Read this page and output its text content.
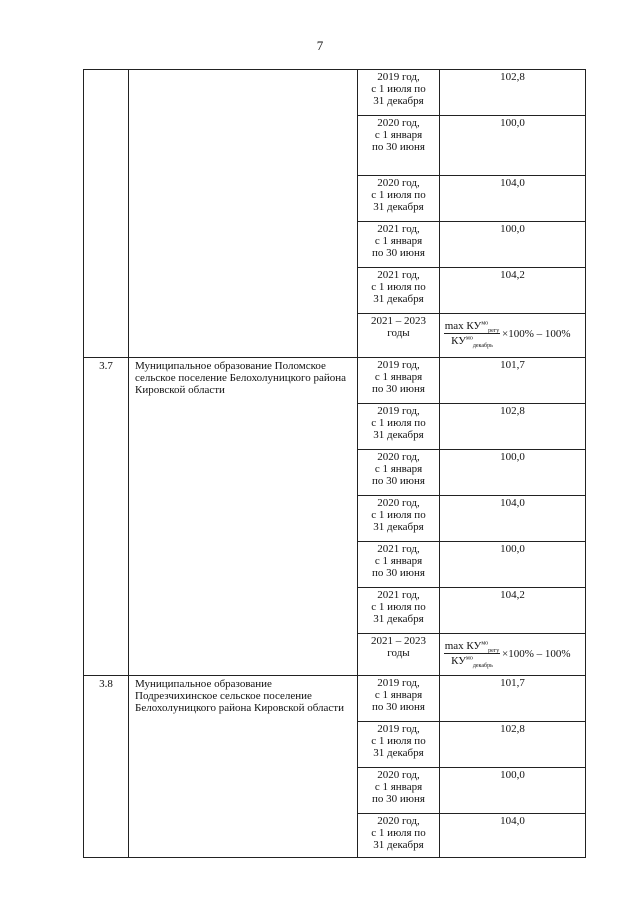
7
		2019 год,
с 1 июля по
31 декабря	102,8
		2020 год,
с 1 января
по 30 июня	100,0
		2020 год,
с 1 июля по
31 декабря	104,0
		2021 год,
с 1 января
по 30 июня	100,0
		2021 год,
с 1 июля по
31 декабря	104,2
		2021 – 2023
годы	$\max КУ^{мо}_{регу}$
$КУ^{мо}_{декабрь}$
×100% – 100%

3.7	Муниципальное образование Поломское сельское поселение Белохолуницкого района Кировской области	2019 год,
с 1 января
по 30 июня	101,7
		2019 год,
с 1 июля по
31 декабря	102,8
		2020 год,
с 1 января
по 30 июня	100,0
		2020 год,
с 1 июля по
31 декабря	104,0
		2021 год,
с 1 января
по 30 июня	100,0
		2021 год,
с 1 июля по
31 декабря	104,2
		2021 – 2023
годы	$\max КУ^{мо}_{регу}$
$КУ^{мо}_{декабрь}$
×100% – 100%

3.8	Муниципальное образование Подрезчихинское сельское поселение Белохолуницкого района Кировской области	2019 год,
с 1 января
по 30 июня	101,7
		2019 год,
с 1 июля по
31 декабря	102,8
		2020 год,
с 1 января
по 30 июня	100,0
		2020 год,
с 1 июля по
31 декабря	104,0
